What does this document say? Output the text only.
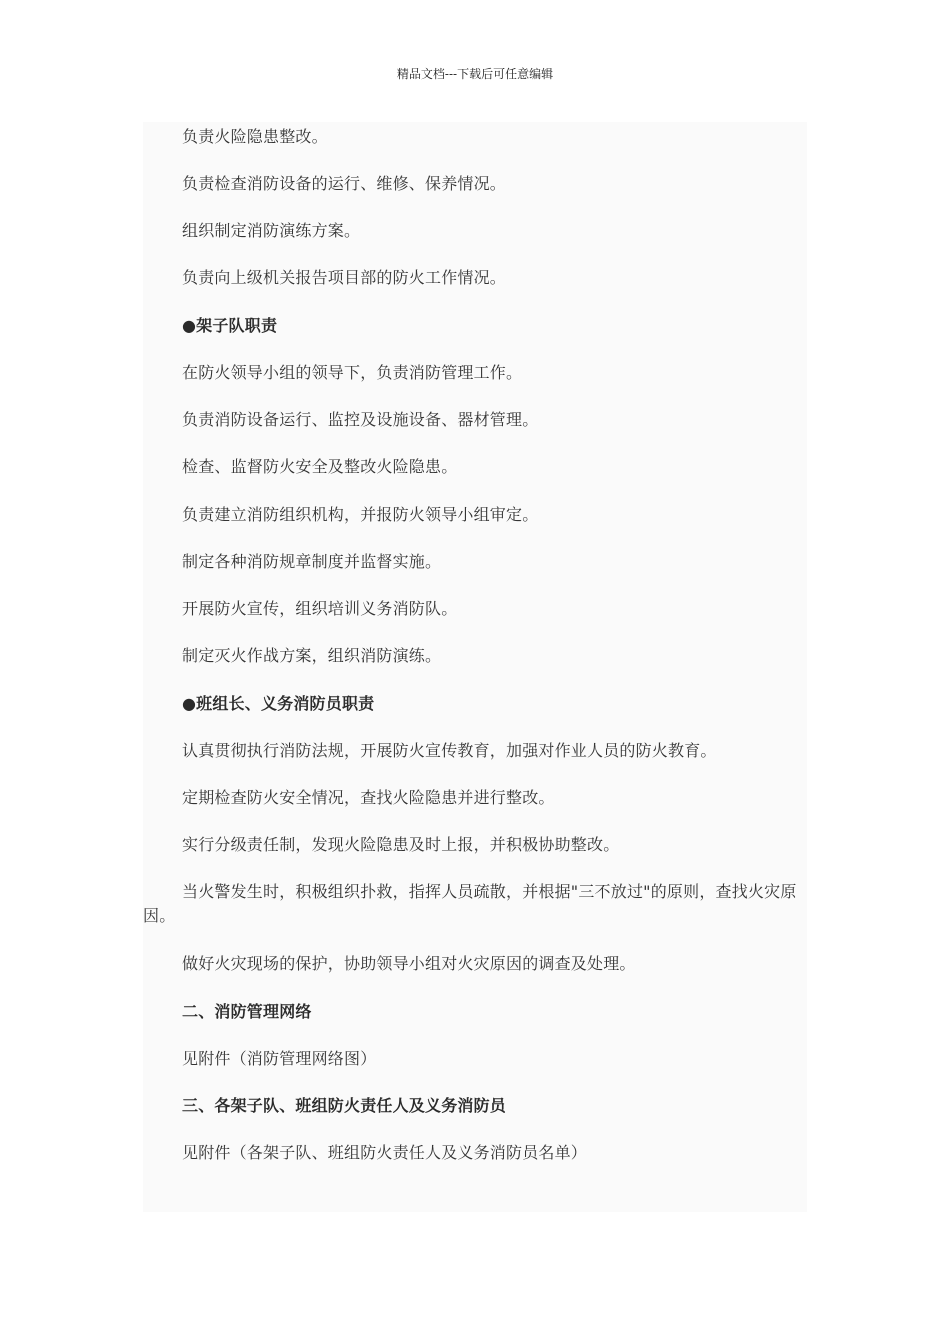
精品文档---下载后可任意编辑

负责火险隐患整改。

负责检查消防设备的运行、维修、保养情况。

组织制定消防演练方案。

负责向上级机关报告项目部的防火工作情况。

●架子队职责

在防火领导小组的领导下，负责消防管理工作。

负责消防设备运行、监控及设施设备、器材管理。

检查、监督防火安全及整改火险隐患。

负责建立消防组织机构，并报防火领导小组审定。

制定各种消防规章制度并监督实施。

开展防火宣传，组织培训义务消防队。

制定灭火作战方案，组织消防演练。

●班组长、义务消防员职责

认真贯彻执行消防法规，开展防火宣传教育，加强对作业人员的防火教育。

定期检查防火安全情况，查找火险隐患并进行整改。

实行分级责任制，发现火险隐患及时上报，并积极协助整改。

当火警发生时，积极组织扑救，指挥人员疏散，并根据"三不放过"的原则，查找火灾原因。

做好火灾现场的保护，协助领导小组对火灾原因的调查及处理。

二、消防管理网络

见附件（消防管理网络图）

三、各架子队、班组防火责任人及义务消防员

见附件（各架子队、班组防火责任人及义务消防员名单）
